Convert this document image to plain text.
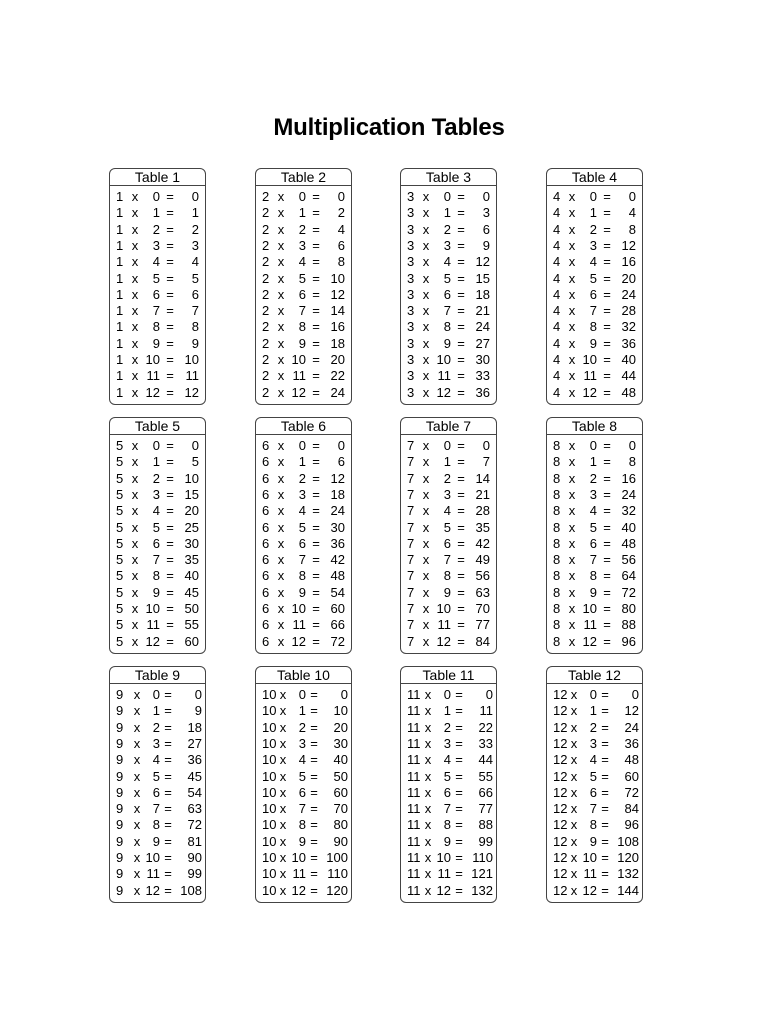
Multiplication Tables
Table 1
1 x	0 =	0
1 x	1 =	1
1 x	2 =	2
1 x	3 =	3
1 x	4 =	4
1 x	5 =	5
1 x	6 =	6
1 x	7 =	7
1 x	8 =	8
1 x	9 =	9
1 x 10 = 10
1 x 11 = 11
1 x 12 = 12
Table 2
2 x	0 =	0
2 x	1 =	2
2 x	2 =	4
2 x	3 =	6
2 x	4 =	8
2 x	5 = 10
2 x	6 = 12
2 x	7 = 14
2 x	8 = 16
2 x	9 = 18
2 x 10 = 20
2 x 11 = 22
2 x 12 = 24
Table 3
3 x	0 =	0
3 x	1 =	3
3 x	2 =	6
3 x	3 =	9
3 x	4 = 12
3 x	5 = 15
3 x	6 = 18
3 x	7 = 21
3 x	8 = 24
3 x	9 = 27
3 x 10 = 30
3 x 11 = 33
3 x 12 = 36
Table 4
4 x	0 =	0
4 x	1 =	4
4 x	2 =	8
4 x	3 = 12
4 x	4 = 16
4 x	5 = 20
4 x	6 = 24
4 x	7 = 28
4 x	8 = 32
4 x	9 = 36
4 x 10 = 40
4 x 11 = 44
4 x 12 = 48
Table 5
5 x	0 =	0
5 x	1 =	5
5 x	2 = 10
5 x	3 = 15
5 x	4 = 20
5 x	5 = 25
5 x	6 = 30
5 x	7 = 35
5 x	8 = 40
5 x	9 = 45
5 x 10 = 50
5 x 11 = 55
5 x 12 = 60
Table 6
6 x	0 =	0
6 x	1 =	6
6 x	2 = 12
6 x	3 = 18
6 x	4 = 24
6 x	5 = 30
6 x	6 = 36
6 x	7 = 42
6 x	8 = 48
6 x	9 = 54
6 x 10 = 60
6 x 11 = 66
6 x 12 = 72
Table 7
7 x	0 =	0
7 x	1 =	7
7 x	2 = 14
7 x	3 = 21
7 x	4 = 28
7 x	5 = 35
7 x	6 = 42
7 x	7 = 49
7 x	8 = 56
7 x	9 = 63
7 x 10 = 70
7 x 11 = 77
7 x 12 = 84
Table 8
8 x	0 =	0
8 x	1 =	8
8 x	2 = 16
8 x	3 = 24
8 x	4 = 32
8 x	5 = 40
8 x	6 = 48
8 x	7 = 56
8 x	8 = 64
8 x	9 = 72
8 x 10 = 80
8 x 11 = 88
8 x 12 = 96
Table 9
9 x 0 =	0
9 x 1 =	9
9 x 2 =	18
9 x 3 =	27
9 x 4 =	36
9 x 5 =	45
9 x 6 =	54
9 x 7 =	63
9 x 8 =	72
9 x 9 =	81
9 x 10 =	90
9 x 11 =	99
9 x 12 = 108
Table 10
10 x 0 =	0
10 x 1 =	10
10 x 2 =	20
10 x 3 =	30
10 x 4 =	40
10 x 5 =	50
10 x 6 =	60
10 x 7 =	70
10 x 8 =	80
10 x 9 =	90
10 x 10 = 100
10 x 11 = 110
10 x 12 = 120
Table 11
11 x 0 =	0
11 x 1 =	11
11 x 2 =	22
11 x 3 =	33
11 x 4 =	44
11 x 5 =	55
11 x 6 =	66
11 x 7 =	77
11 x 8 =	88
11 x 9 =	99
11 x 10 = 110
11 x 11 = 121
11 x 12 = 132
Table 12
12 x 0 =	0
12 x 1 =	12
12 x 2 =	24
12 x 3 =	36
12 x 4 =	48
12 x 5 =	60
12 x 6 =	72
12 x 7 =	84
12 x 8 =	96
12 x 9 = 108
12 x 10 = 120
12 x 11 = 132
12 x 12 = 144
